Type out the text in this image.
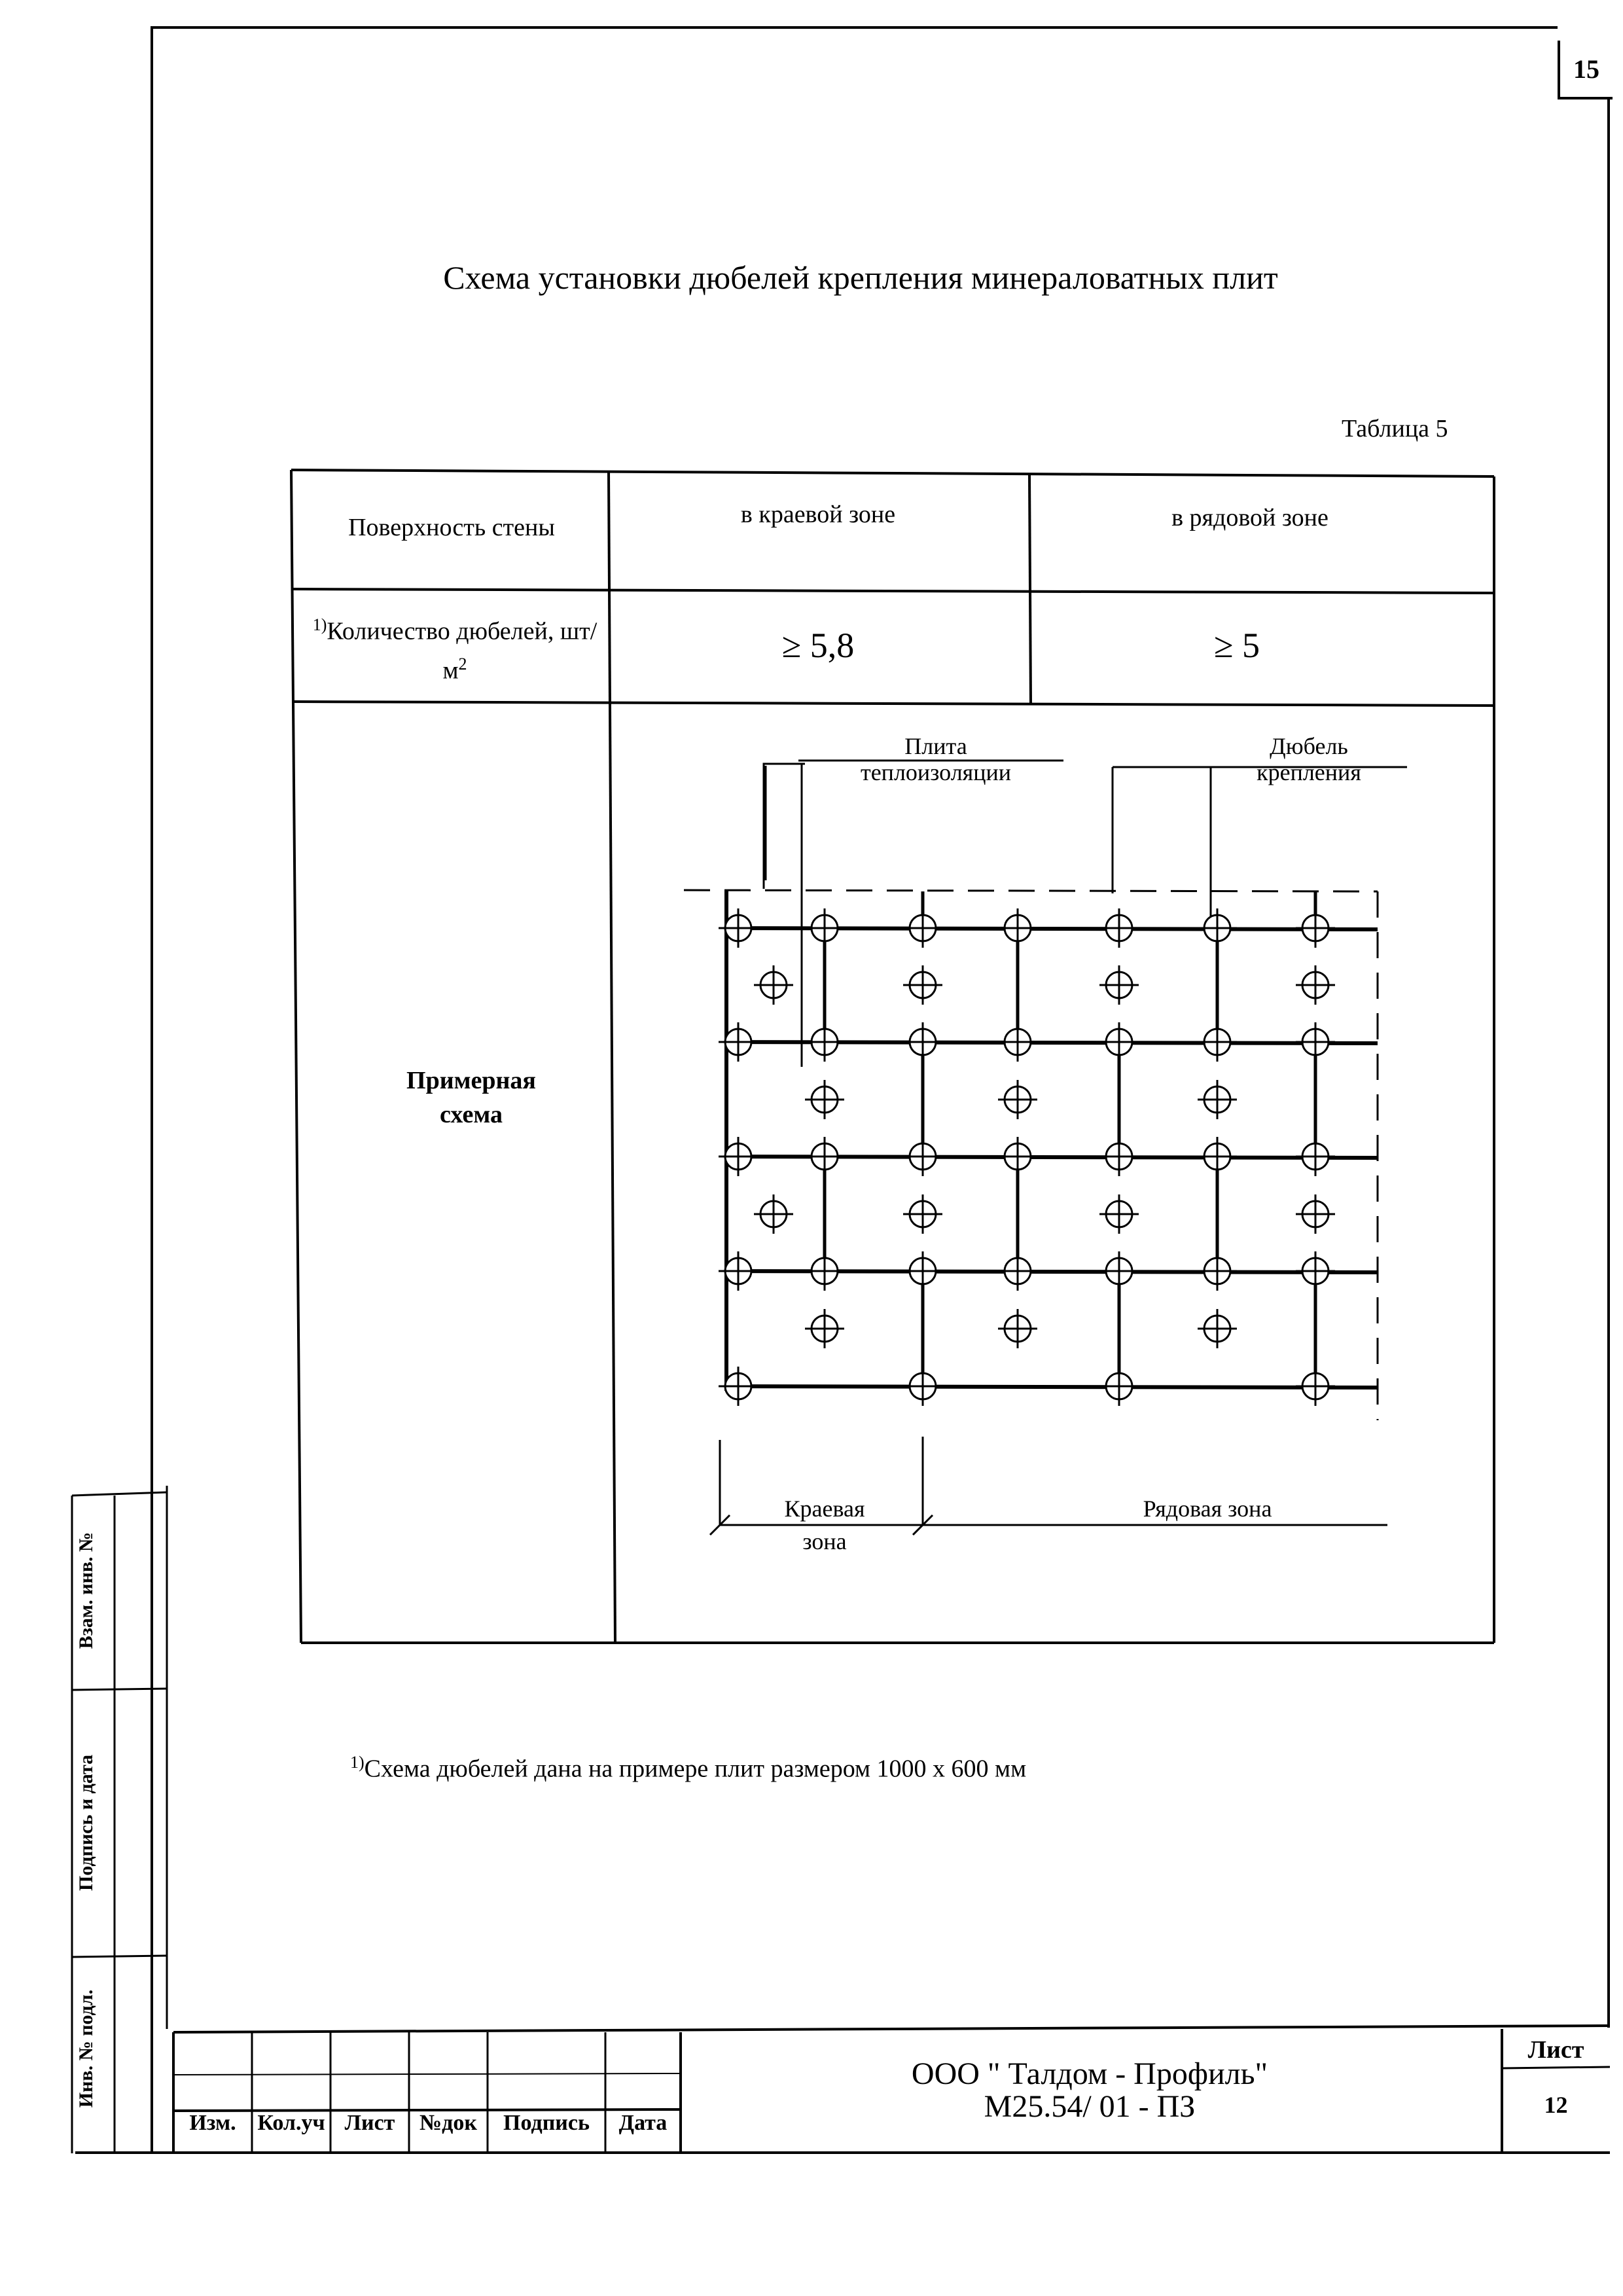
15
Схема установки дюбелей крепления минераловатных плит
Таблица 5
Поверхность стены	в краевой зоне	в рядовой зоне
$^{1)}$Количество дюбелей, $шт/м^2$	≥ 5,8	≥ 5
Примерная схема
Плита
теплоизоляции
Дюбель
крепления
Краевая
зона
Рядовая зона
$^{1)}$Схема дюбелей дана на примере плит размером 1000 х 600 мм
Взам. инв. №
Подпись и дата
Инв. № подл.
Изм. Кол.уч Лист	№док	Подпись	Дата
ООО " Талдом - Профиль"
М25.54/ 01 - ПЗ
Лист
12
